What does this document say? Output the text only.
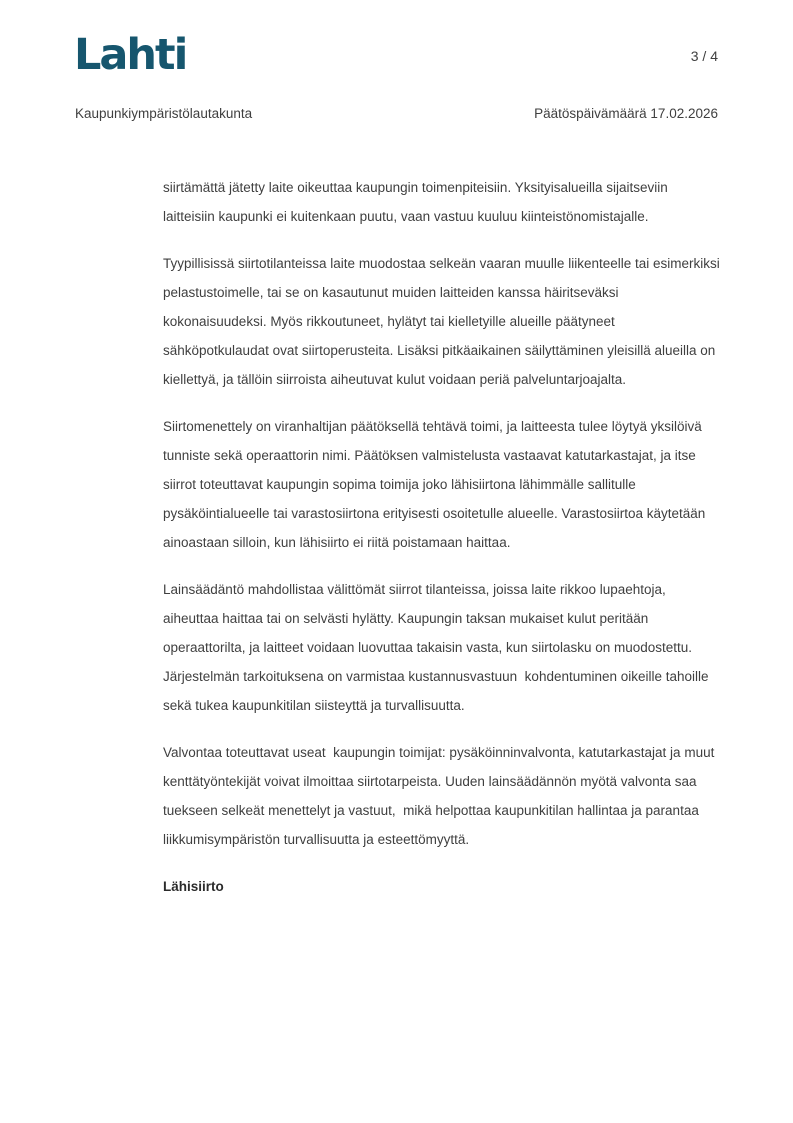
Lahti	3 / 4
Kaupunkiympäristölautakunta	Päätöspäivämäärä 17.02.2026

siirtämättä jätetty laite oikeuttaa kaupungin toimenpiteisiin. Yksityisalueilla sijaitseviin laitteisiin kaupunki ei kuitenkaan puutu, vaan vastuu kuuluu kiinteistönomistajalle.

Tyypillisissä siirtotilanteissa laite muodostaa selkeän vaaran muulle liikenteelle tai esimerkiksi pelastustoimelle, tai se on kasautunut muiden laitteiden kanssa häiritseväksi kokonaisuudeksi. Myös rikkoutuneet, hylätyt tai kielletyille alueille päätyneet sähköpotkulaudat ovat siirtoperusteita. Lisäksi pitkäaikainen säilyttäminen yleisillä alueilla on kiellettyä, ja tällöin siirroista aiheutuvat kulut voidaan periä palveluntarjoajalta.

Siirtomenettely on viranhaltijan päätöksellä tehtävä toimi, ja laitteesta tulee löytyä yksilöivä tunniste sekä operaattorin nimi. Päätöksen valmistelusta vastaavat katutarkastajat, ja itse siirrot toteuttavat kaupungin sopima toimija joko lähisiirtona lähimmälle sallitulle pysäköintialueelle tai varastosiirtona erityisesti osoitetulle alueelle. Varastosiirtoa käytetään ainoastaan silloin, kun lähisiirto ei riitä poistamaan haittaa.

Lainsäädäntö mahdollistaa välittömät siirrot tilanteissa, joissa laite rikkoo lupaehtoja, aiheuttaa haittaa tai on selvästi hylätty. Kaupungin taksan mukaiset kulut peritään operaattorilta, ja laitteet voidaan luovuttaa takaisin vasta, kun siirtolasku on muodostettu. Järjestelmän tarkoituksena on varmistaa kustannusvastuun  kohdentuminen oikeille tahoille sekä tukea kaupunkitilan siisteyttä ja turvallisuutta.

Valvontaa toteuttavat useat  kaupungin toimijat: pysäköinninvalvonta, katutarkastajat ja muut kenttätyöntekijät voivat ilmoittaa siirtotarpeista. Uuden lainsäädännön myötä valvonta saa tuekseen selkeät menettelyt ja vastuut,  mikä helpottaa kaupunkitilan hallintaa ja parantaa liikkumisympäristön turvallisuutta ja esteettömyyttä.

Lähisiirto
